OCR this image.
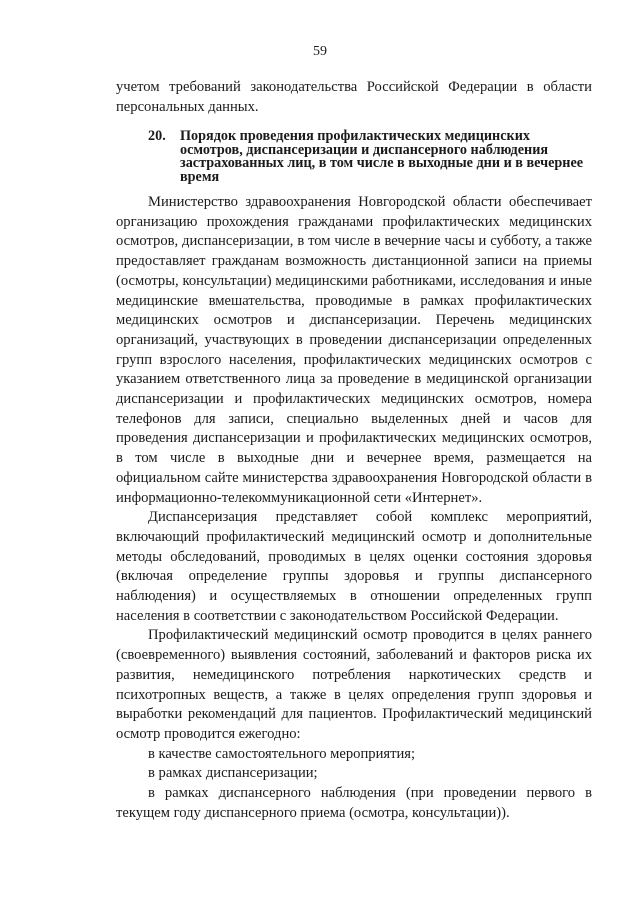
59

учетом требований законодательства Российской Федерации в области персональных данных.

20. Порядок проведения профилактических медицинских осмотров, диспансеризации и диспансерного наблюдения застрахованных лиц, в том числе в выходные дни и в вечернее время

Министерство здравоохранения Новгородской области обеспечивает организацию прохождения гражданами профилактических медицинских осмотров, диспансеризации, в том числе в вечерние часы и субботу, а также предоставляет гражданам возможность дистанционной записи на приемы (осмотры, консультации) медицинскими работниками, исследования и иные медицинские вмешательства, проводимые в рамках профилактических медицинских осмотров и диспансеризации. Перечень медицинских организаций, участвующих в проведении диспансеризации определенных групп взрослого населения, профилактических медицинских осмотров с указанием ответственного лица за проведение в медицинской организации диспансеризации и профилактических медицинских осмотров, номера телефонов для записи, специально выделенных дней и часов для проведения диспансеризации и профилактических медицинских осмотров, в том числе в выходные дни и вечернее время, размещается на официальном сайте министерства здравоохранения Новгородской области в информационно-телекоммуникационной сети «Интернет».

Диспансеризация представляет собой комплекс мероприятий, включающий профилактический медицинский осмотр и дополнительные методы обследований, проводимых в целях оценки состояния здоровья (включая определение группы здоровья и группы диспансерного наблюдения) и осуществляемых в отношении определенных групп населения в соответствии с законодательством Российской Федерации.

Профилактический медицинский осмотр проводится в целях раннего (своевременного) выявления состояний, заболеваний и факторов риска их развития, немедицинского потребления наркотических средств и психотропных веществ, а также в целях определения групп здоровья и выработки рекомендаций для пациентов. Профилактический медицинский осмотр проводится ежегодно:

в качестве самостоятельного мероприятия;

в рамках диспансеризации;

в рамках диспансерного наблюдения (при проведении первого в текущем году диспансерного приема (осмотра, консультации)).
